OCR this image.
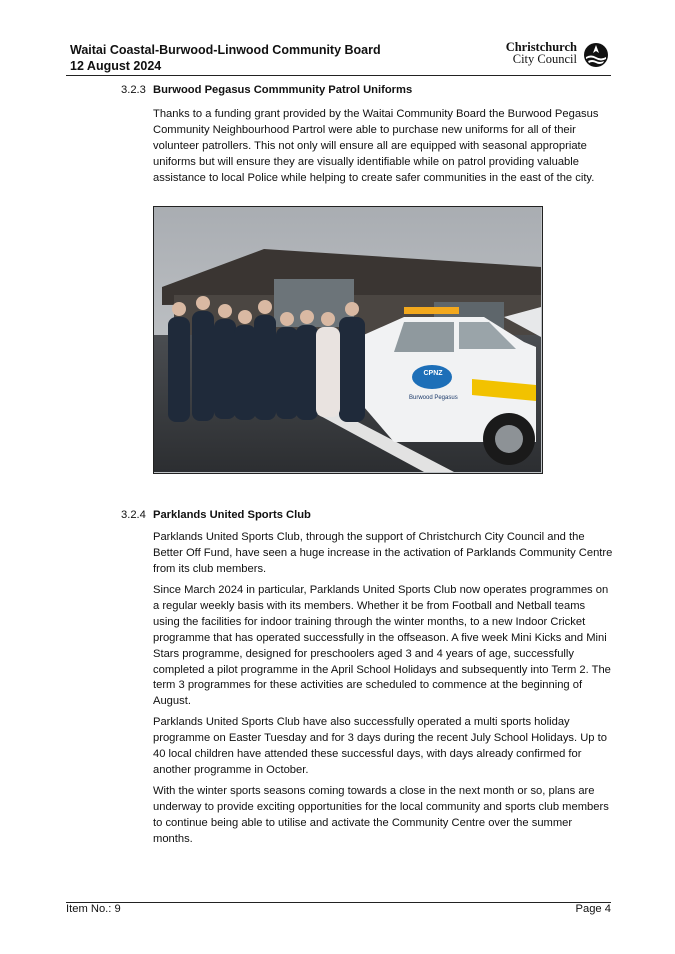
Waitai Coastal-Burwood-Linwood Community Board
12 August 2024
Christchurch
City Council
3.2.3 Burwood Pegasus Commmunity Patrol Uniforms
Thanks to a funding grant provided by the Waitai Community Board the Burwood Pegasus Community Neighbourhood Partrol were able to purchase new uniforms for all of their volunteer patrollers. This not only will ensure all are equipped with seasonal appropriate uniforms but will ensure they are visually identifiable while on patrol providing valuable assistance to local Police while helping to create safer communities in the east of the city.
CPNZ
Burwood Pegasus
3.2.4 Parklands United Sports Club
Parklands United Sports Club, through the support of Christchurch City Council and the Better Off Fund, have seen a huge increase in the activation of Parklands Community Centre from its club members.
Since March 2024 in particular, Parklands United Sports Club now operates programmes on a regular weekly basis with its members. Whether it be from Football and Netball teams using the facilities for indoor training through the winter months, to a new Indoor Cricket programme that has operated successfully in the offseason. A five week Mini Kicks and Mini Stars programme, designed for preschoolers aged 3 and 4 years of age, successfully completed a pilot programme in the April School Holidays and subsequently into Term 2. The term 3 programmes for these activities are scheduled to commence at the beginning of August.
Parklands United Sports Club have also successfully operated a multi sports holiday programme on Easter Tuesday and for 3 days during the recent July School Holidays. Up to 40 local children have attended these successful days, with days already confirmed for another programme in October.
With the winter sports seasons coming towards a close in the next month or so, plans are underway to provide exciting opportunities for the local community and sports club members to continue being able to utilise and activate the Community Centre over the summer months.
Item No.: 9	Page 4
